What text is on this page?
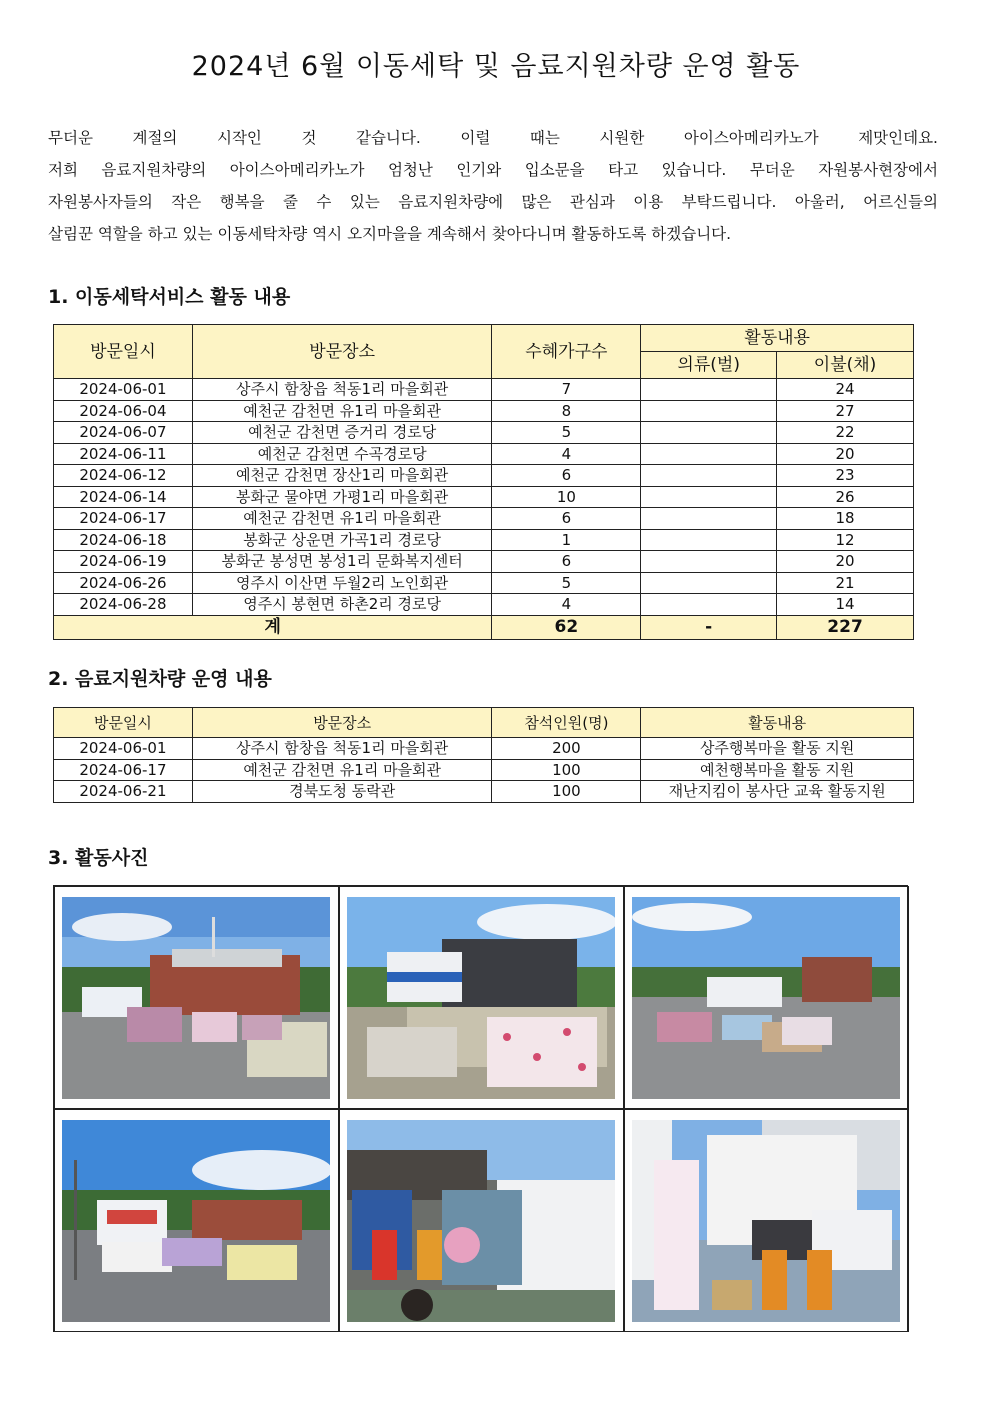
2024년 6월 이동세탁 및 음료지원차량 운영 활동

무더운 계절의 시작인 것 같습니다. 이럴 때는 시원한 아이스아메리카노가 제맛인데요.

저희 음료지원차량의 아이스아메리카노가 엄청난 인기와 입소문을 타고 있습니다. 무더운 자원봉사현장에서

자원봉사자들의 작은 행복을 줄 수 있는 음료지원차량에 많은 관심과 이용 부탁드립니다. 아울러, 어르신들의

살림꾼 역할을 하고 있는 이동세탁차량 역시 오지마을을 계속해서 찾아다니며 활동하도록 하겠습니다.

1. 이동세탁서비스 활동 내용
방문일시	방문장소	수혜가구수	활동내용	
			의류(벌)	이불(채)
2024-06-01	상주시 함창읍 척동1리 마을회관	7		24
2024-06-04	예천군 감천면 유1리 마을회관	8		27
2024-06-07	예천군 감천면 증거리 경로당	5		22
2024-06-11	예천군 감천면 수곡경로당	4		20
2024-06-12	예천군 감천면 장산1리 마을회관	6		23
2024-06-14	봉화군 물야면 가평1리 마을회관	10		26
2024-06-17	예천군 감천면 유1리 마을회관	6		18
2024-06-18	봉화군 상운면 가곡1리 경로당	1		12
2024-06-19	봉화군 봉성면 봉성1리 문화복지센터	6		20
2024-06-26	영주시 이산면 두월2리 노인회관	5		21
2024-06-28	영주시 봉현면 하촌2리 경로당	4		14
계		62	-	227
2. 음료지원차량 운영 내용
방문일시	방문장소	참석인원(명)	활동내용
2024-06-01	상주시 함창읍 척동1리 마을회관	200	상주행복마을 활동 지원
2024-06-17	예천군 감천면 유1리 마을회관	100	예천행복마을 활동 지원
2024-06-21	경북도청 동락관	100	재난지킴이 봉사단 교육 활동지원
3. 활동사진
